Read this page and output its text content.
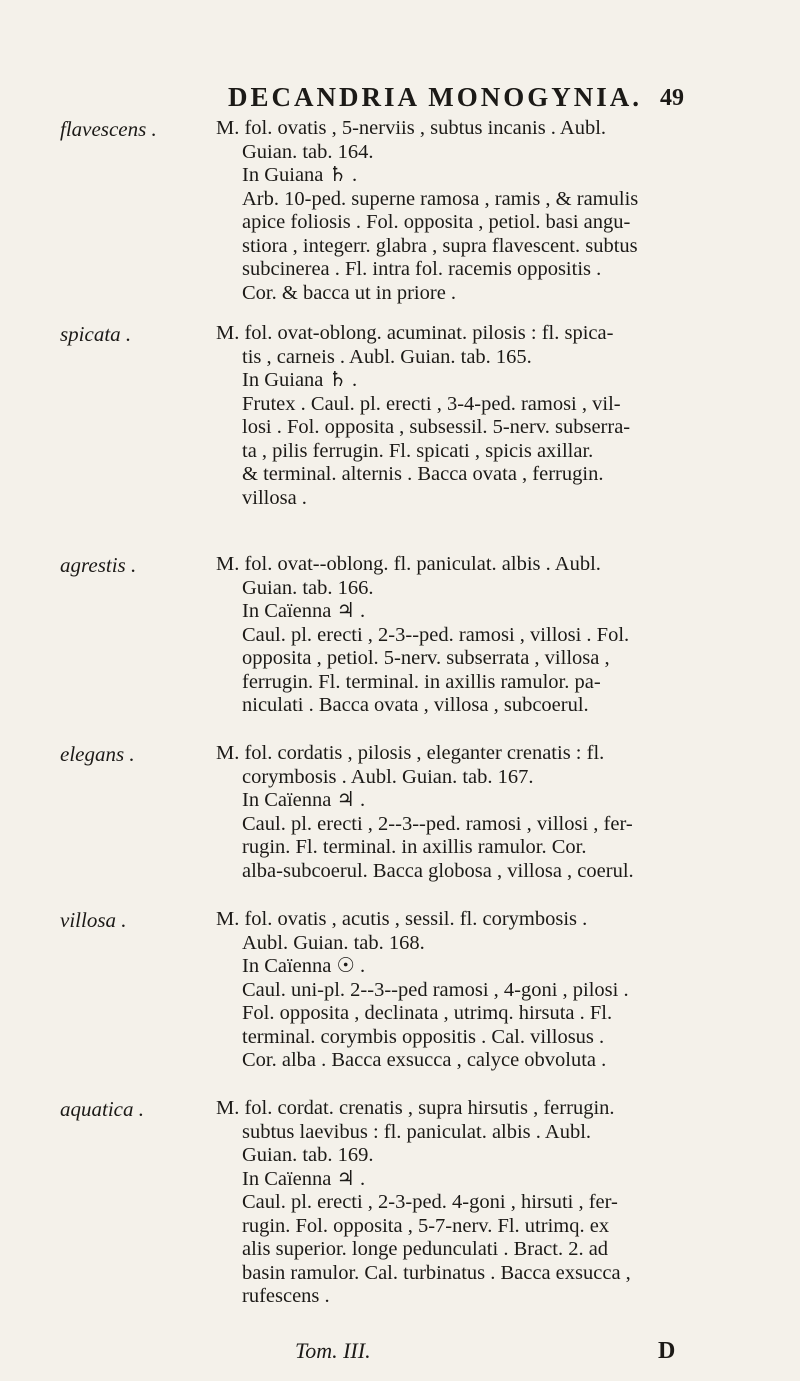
DECANDRIA MONOGYNIA. 49
flavescens .	M. fol. ovatis , 5-nerviis , subtus incanis . Aubl.
Guian. tab. 164.
In Guiana ♄ .
Arb. 10-ped. superne ramosa , ramis , & ramulis
apice foliosis . Fol. opposita , petiol. basi angu-
stiora , integerr. glabra , supra flavescent. subtus
subcinerea . Fl. intra fol. racemis oppositis .
Cor. & bacca ut in priore .
spicata .	M. fol. ovat-oblong. acuminat. pilosis : fl. spica-
tis , carneis . Aubl. Guian. tab. 165.
In Guiana ♄ .
Frutex . Caul. pl. erecti , 3-4-ped. ramosi , vil-
losi . Fol. opposita , subsessil. 5-nerv. subserra-
ta , pilis ferrugin. Fl. spicati , spicis axillar.
& terminal. alternis . Bacca ovata , ferrugin.
villosa .
agrestis .	M. fol. ovat--oblong. fl. paniculat. albis . Aubl.
Guian. tab. 166.
In Caïenna ♃ .
Caul. pl. erecti , 2-3--ped. ramosi , villosi . Fol.
opposita , petiol. 5-nerv. subserrata , villosa ,
ferrugin. Fl. terminal. in axillis ramulor. pa-
niculati . Bacca ovata , villosa , subcoerul.
elegans .	M. fol. cordatis , pilosis , eleganter crenatis : fl.
corymbosis . Aubl. Guian. tab. 167.
In Caïenna ♃ .
Caul. pl. erecti , 2--3--ped. ramosi , villosi , fer-
rugin. Fl. terminal. in axillis ramulor. Cor.
alba-subcoerul. Bacca globosa , villosa , coerul.
villosa .	M. fol. ovatis , acutis , sessil. fl. corymbosis .
Aubl. Guian. tab. 168.
In Caïenna ☉ .
Caul. uni-pl. 2--3--ped ramosi , 4-goni , pilosi .
Fol. opposita , declinata , utrimq. hirsuta . Fl.
terminal. corymbis oppositis . Cal. villosus .
Cor. alba . Bacca exsucca , calyce obvoluta .
aquatica .	M. fol. cordat. crenatis , supra hirsutis , ferrugin.
subtus laevibus : fl. paniculat. albis . Aubl.
Guian. tab. 169.
In Caïenna ♃ .
Caul. pl. erecti , 2-3-ped. 4-goni , hirsuti , fer-
rugin. Fol. opposita , 5-7-nerv. Fl. utrimq. ex
alis superior. longe pedunculati . Bract. 2. ad
basin ramulor. Cal. turbinatus . Bacca exsucca ,
rufescens .
Tom. III.	D
